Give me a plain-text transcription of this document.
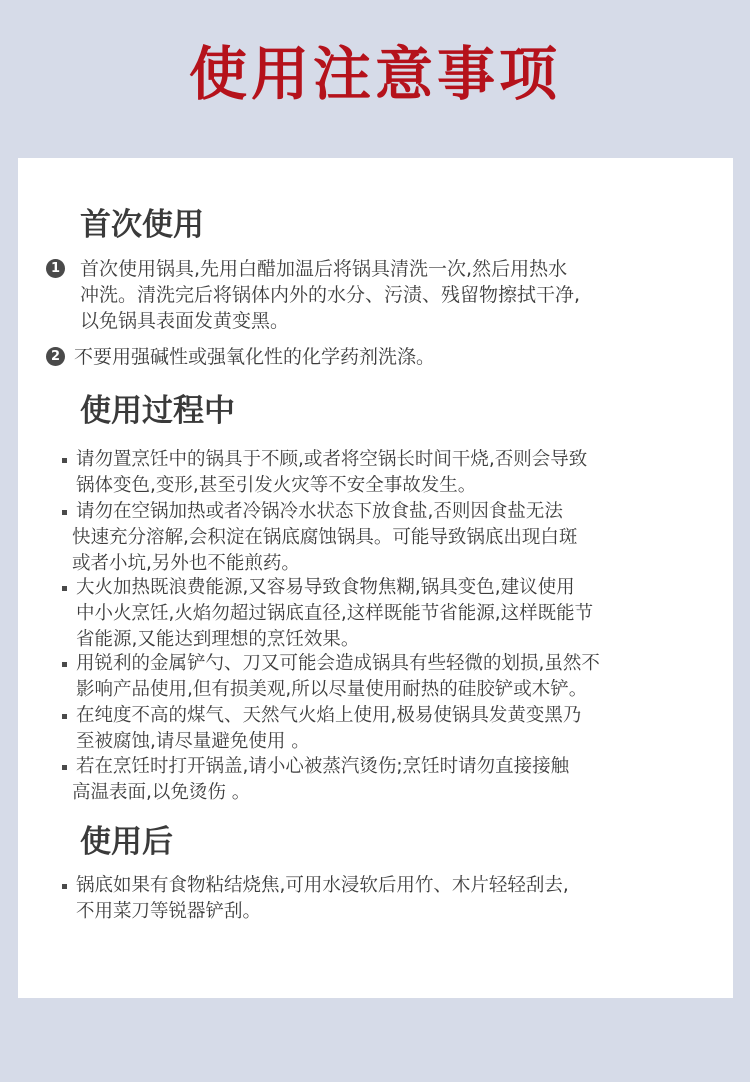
使用注意事项
首次使用
1 首次使用锅具,先用白醋加温后将锅具清洗一次,然后用热水
冲洗。清洗完后将锅体内外的水分、污渍、残留物擦拭干净,
以免锅具表面发黄变黑。
2 不要用强碱性或强氧化性的化学药剂洗涤。
使用过程中
请勿置烹饪中的锅具于不顾,或者将空锅长时间干烧,否则会导致
锅体变色,变形,甚至引发火灾等不安全事故发生。
请勿在空锅加热或者冷锅冷水状态下放食盐,否则因食盐无法
快速充分溶解,会积淀在锅底腐蚀锅具。可能导致锅底出现白斑
或者小坑,另外也不能煎药。
大火加热既浪费能源,又容易导致食物焦糊,锅具变色,建议使用
中小火烹饪,火焰勿超过锅底直径,这样既能节省能源,这样既能节
省能源,又能达到理想的烹饪效果。
用锐利的金属铲勺、刀又可能会造成锅具有些轻微的划损,虽然不
影响产品使用,但有损美观,所以尽量使用耐热的硅胶铲或木铲。
在纯度不高的煤气、天然气火焰上使用,极易使锅具发黄变黑乃
至被腐蚀,请尽量避免使用 。
若在烹饪时打开锅盖,请小心被蒸汽烫伤;烹饪时请勿直接接触
高温表面,以免烫伤 。
使用后
锅底如果有食物粘结烧焦,可用水浸软后用竹、木片轻轻刮去,
不用菜刀等锐器铲刮。
